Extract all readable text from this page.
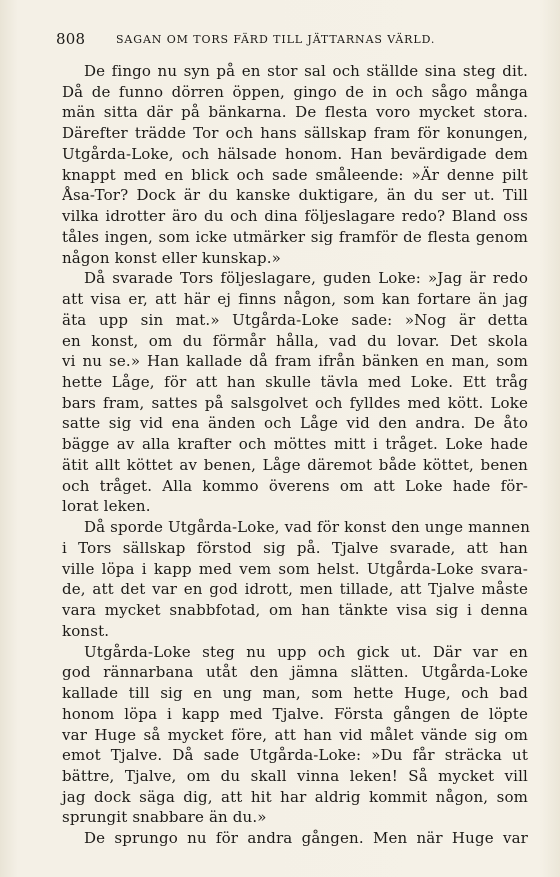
808	SAGAN OM TORS FÄRD TILL JÄTTARNAS VÄRLD.
De fingo nu syn på en stor sal och ställde sina steg dit.
Då de funno dörren öppen, gingo de in och sågo många
män sitta där på bänkarna. De flesta voro mycket stora.
Därefter trädde Tor och hans sällskap fram för konungen,
Utgårda-Loke, och hälsade honom. Han bevärdigade dem
knappt med en blick och sade småleende: »Är denne pilt
Åsa-Tor? Dock är du kanske duktigare, än du ser ut. Till
vilka idrotter äro du och dina följeslagare redo? Bland oss
tåles ingen, som icke utmärker sig framför de flesta genom
någon konst eller kunskap.»
Då svarade Tors följeslagare, guden Loke: »Jag är redo
att visa er, att här ej finns någon, som kan fortare än jag
äta upp sin mat.» Utgårda-Loke sade: »Nog är detta
en konst, om du förmår hålla, vad du lovar. Det skola
vi nu se.» Han kallade då fram ifrån bänken en man, som
hette Låge, för att han skulle tävla med Loke. Ett tråg
bars fram, sattes på salsgolvet och fylldes med kött. Loke
satte sig vid ena änden och Låge vid den andra. De åto
bägge av alla krafter och möttes mitt i tråget. Loke hade
ätit allt köttet av benen, Låge däremot både köttet, benen
och tråget. Alla kommo överens om att Loke hade för-
lorat leken.
Då sporde Utgårda-Loke, vad för konst den unge mannen
i Tors sällskap förstod sig på. Tjalve svarade, att han
ville löpa i kapp med vem som helst. Utgårda-Loke svara-
de, att det var en god idrott, men tillade, att Tjalve måste
vara mycket snabbfotad, om han tänkte visa sig i denna
konst.
Utgårda-Loke steg nu upp och gick ut. Där var en
god rännarbana utåt den jämna slätten. Utgårda-Loke
kallade till sig en ung man, som hette Huge, och bad
honom löpa i kapp med Tjalve. Första gången de löpte
var Huge så mycket före, att han vid målet vände sig om
emot Tjalve. Då sade Utgårda-Loke: »Du får sträcka ut
bättre, Tjalve, om du skall vinna leken! Så mycket vill
jag dock säga dig, att hit har aldrig kommit någon, som
sprungit snabbare än du.»
De sprungo nu för andra gången. Men när Huge var
